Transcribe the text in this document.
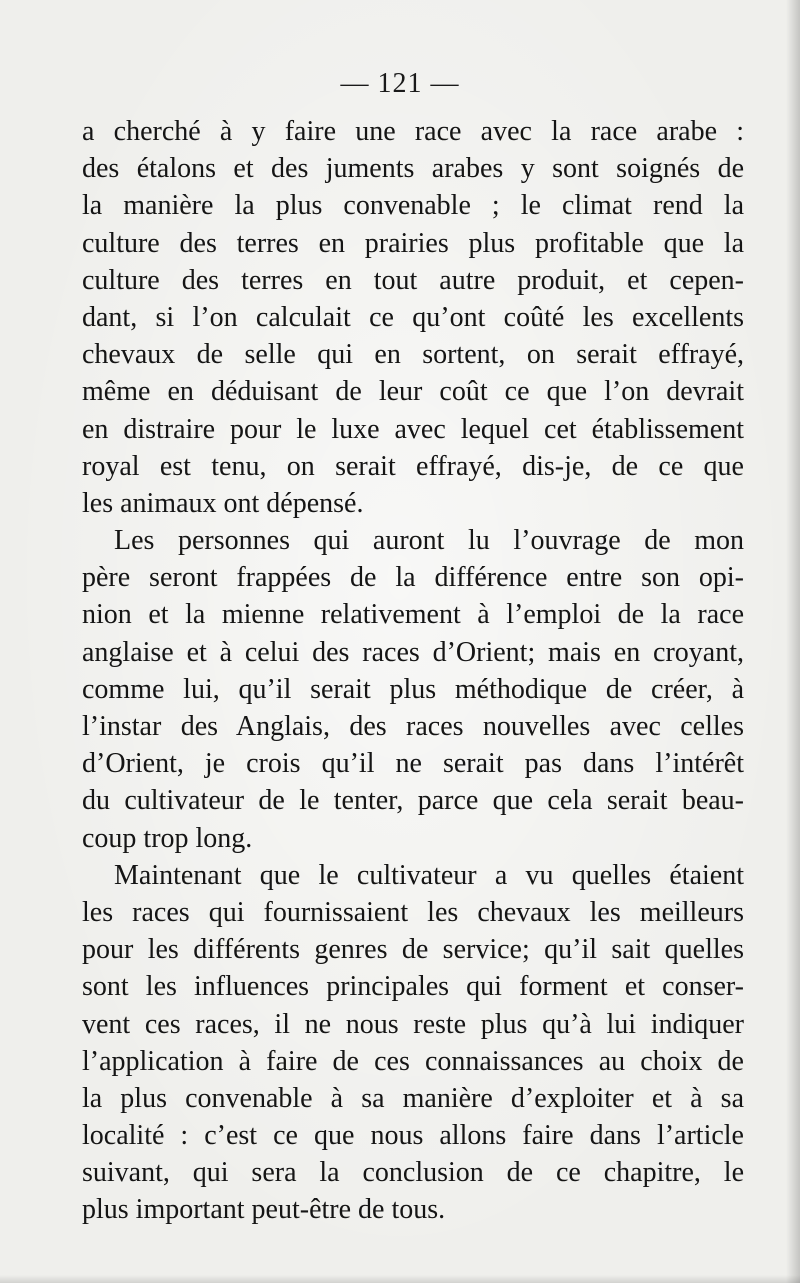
— 121 —
a cherché à y faire une race avec la race arabe :
des étalons et des juments arabes y sont soignés de
la manière la plus convenable ; le climat rend la
culture des terres en prairies plus profitable que la
culture des terres en tout autre produit, et cepen-
dant, si l’on calculait ce qu’ont coûté les excellents
chevaux de selle qui en sortent, on serait effrayé,
même en déduisant de leur coût ce que l’on devrait
en distraire pour le luxe avec lequel cet établissement
royal est tenu, on serait effrayé, dis-je, de ce que
les animaux ont dépensé.
Les personnes qui auront lu l’ouvrage de mon
père seront frappées de la différence entre son opi-
nion et la mienne relativement à l’emploi de la race
anglaise et à celui des races d’Orient; mais en croyant,
comme lui, qu’il serait plus méthodique de créer, à
l’instar des Anglais, des races nouvelles avec celles
d’Orient, je crois qu’il ne serait pas dans l’intérêt
du cultivateur de le tenter, parce que cela serait beau-
coup trop long.
Maintenant que le cultivateur a vu quelles étaient
les races qui fournissaient les chevaux les meilleurs
pour les différents genres de service; qu’il sait quelles
sont les influences principales qui forment et conser-
vent ces races, il ne nous reste plus qu’à lui indiquer
l’application à faire de ces connaissances au choix de
la plus convenable à sa manière d’exploiter et à sa
localité : c’est ce que nous allons faire dans l’article
suivant, qui sera la conclusion de ce chapitre, le
plus important peut-être de tous.
